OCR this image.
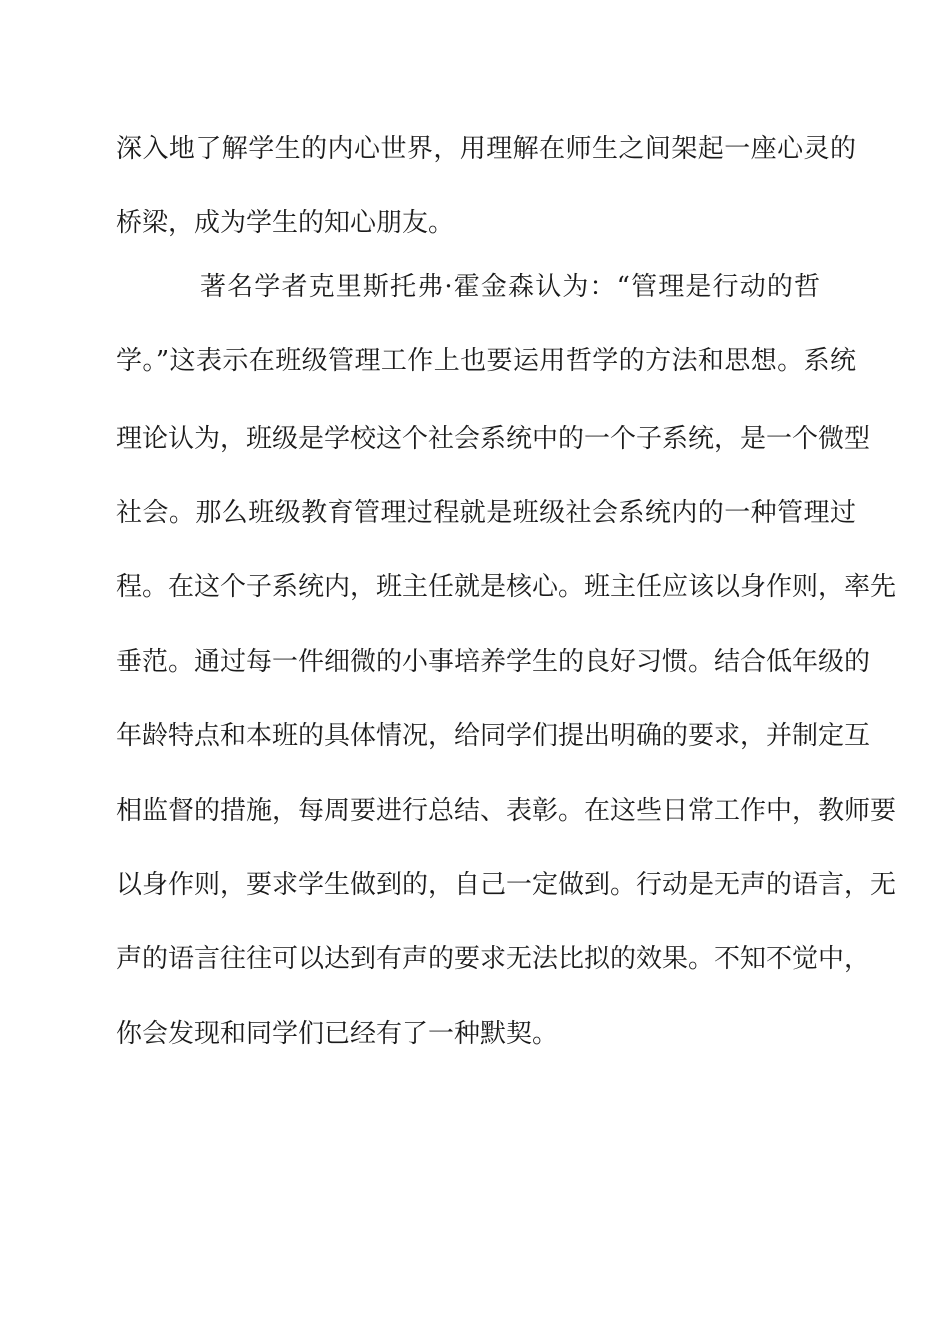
深入地了解学生的内心世界，用理解在师生之间架起一座心灵的
桥梁，成为学生的知心朋友。
著名学者克里斯托弗·霍金森认为：“管理是行动的哲
学。”这表示在班级管理工作上也要运用哲学的方法和思想。系统
理论认为，班级是学校这个社会系统中的一个子系统，是一个微型
社会。那么班级教育管理过程就是班级社会系统内的一种管理过
程。在这个子系统内，班主任就是核心。班主任应该以身作则，率先
垂范。通过每一件细微的小事培养学生的良好习惯。结合低年级的
年龄特点和本班的具体情况，给同学们提出明确的要求，并制定互
相监督的措施，每周要进行总结、表彰。在这些日常工作中，教师要
以身作则，要求学生做到的，自己一定做到。行动是无声的语言，无
声的语言往往可以达到有声的要求无法比拟的效果。不知不觉中，
你会发现和同学们已经有了一种默契。
